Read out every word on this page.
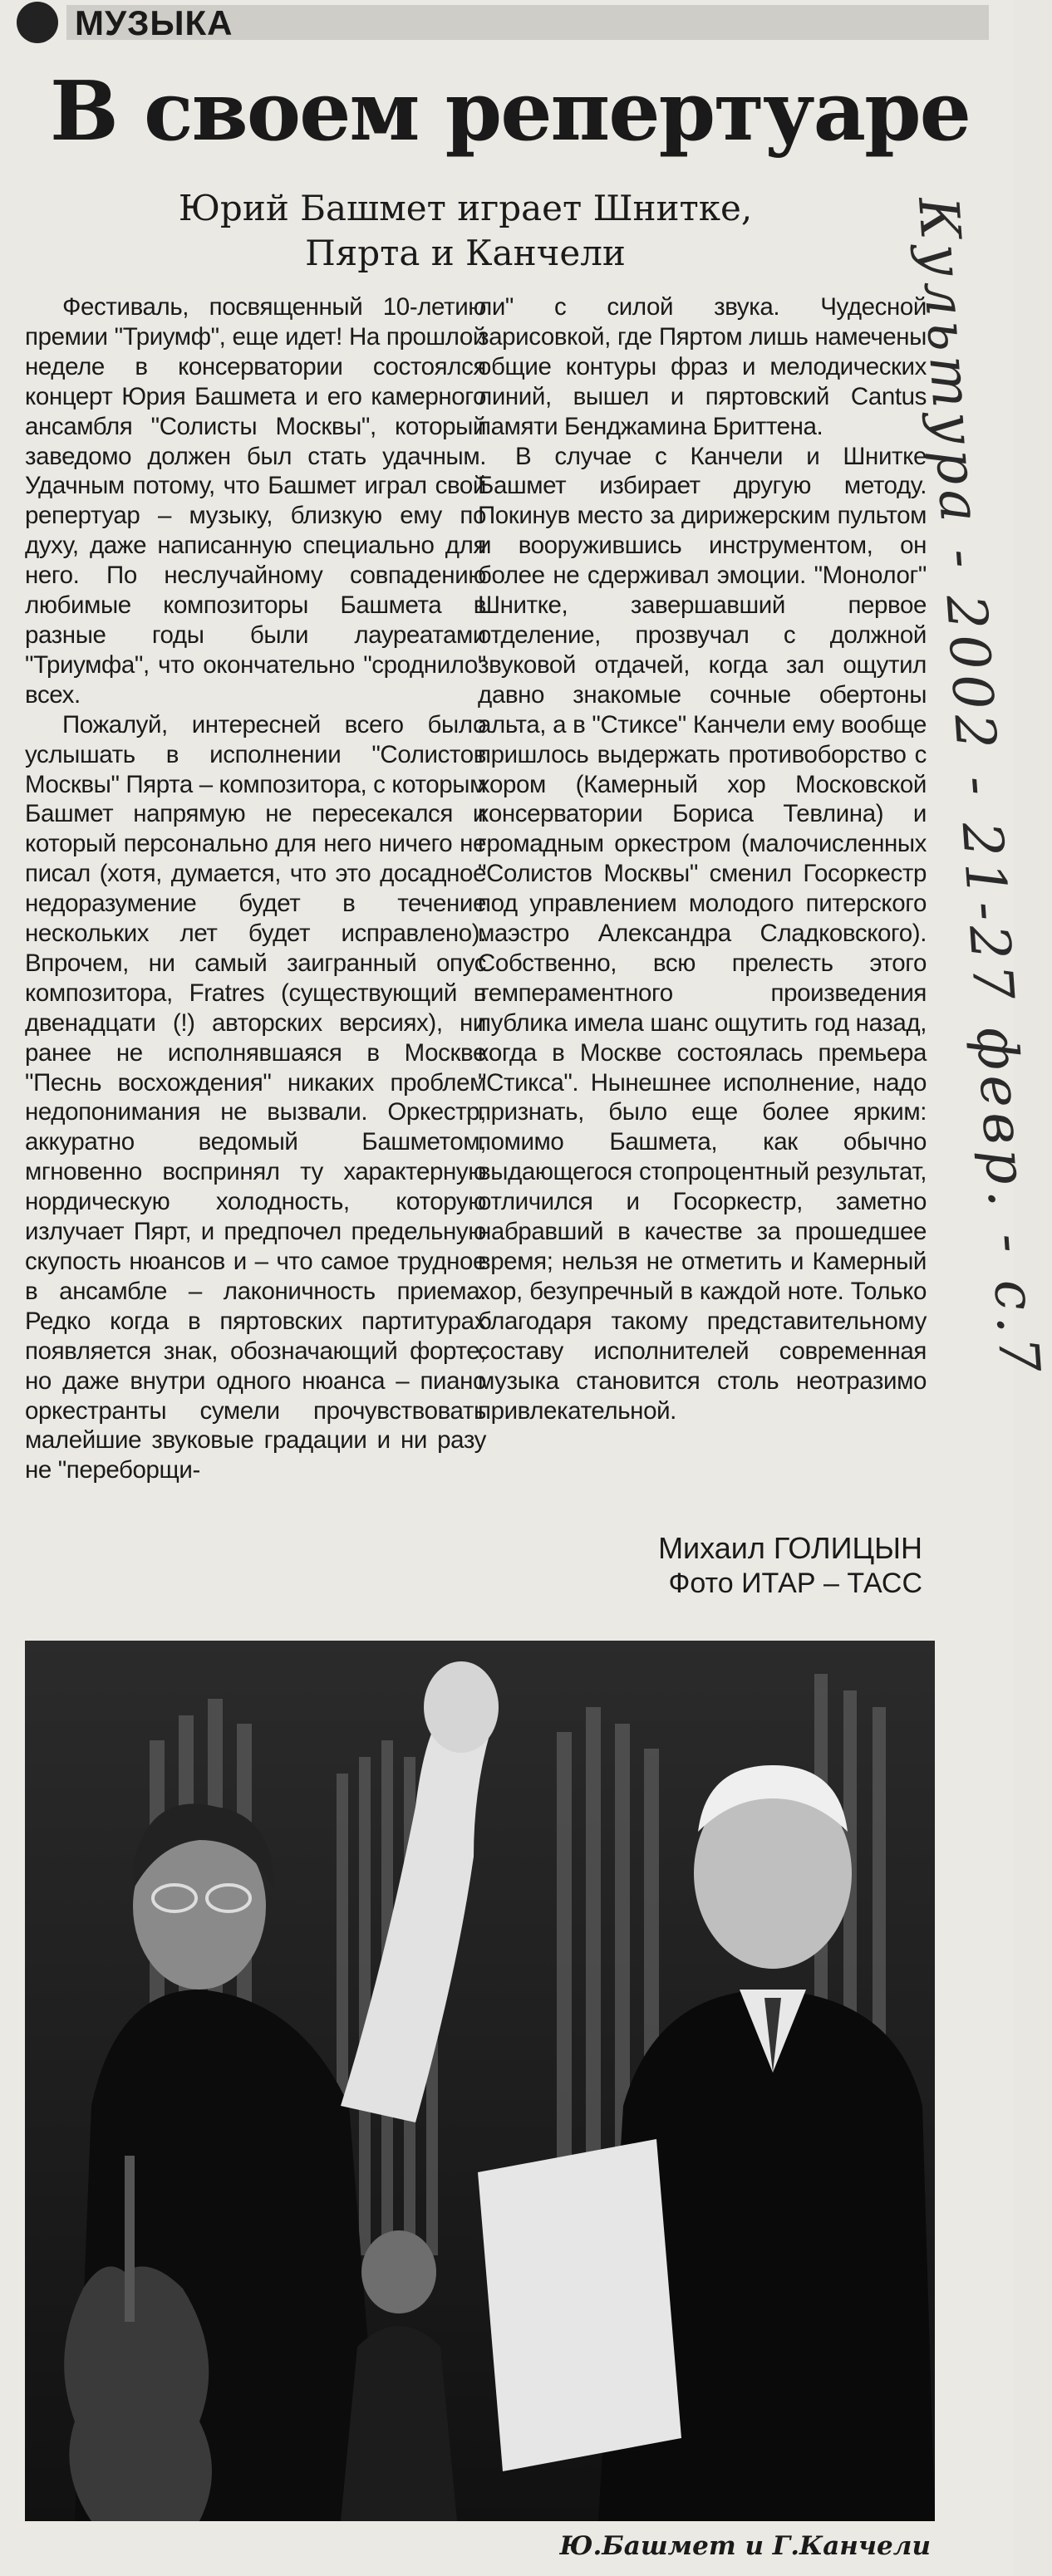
МУЗЫКА
В своем репертуаре
Юрий Башмет играет Шнитке,
Пярта и Канчели

Фестиваль, посвященный 10-летию премии "Триумф", еще идет! На прошлой неделе в консерватории состоялся концерт Юрия Башмета и его камерного ансамбля "Солисты Москвы", который заведомо должен был стать удачным. Удачным потому, что Башмет играл свой репертуар – музыку, близкую ему по духу, даже написанную специально для него. По неслучайному совпадению любимые композиторы Башмета в разные годы были лауреатами "Триумфа", что окончательно "сроднило" всех.

Пожалуй, интересней всего было услышать в исполнении "Солистов Москвы" Пярта – композитора, с которым Башмет напрямую не пересекался и который персонально для него ничего не писал (хотя, думается, что это досадное недоразумение будет в течение нескольких лет будет исправлено). Впрочем, ни самый заигранный опус композитора, Fratres (существующий в двенадцати (!) авторских версиях), ни ранее не исполнявшаяся в Москве "Песнь восхождения" никаких проблем недопонимания не вызвали. Оркестр, аккуратно ведомый Башметом, мгновенно воспринял ту характерную нордическую холодность, которую излучает Пярт, и предпочел предельную скупость нюансов и – что самое трудное в ансамбле – лаконичность приема. Редко когда в пяртовских партитурах появляется знак, обозначающий форте, но даже внутри одного нюанса – пиано оркестранты сумели прочувствовать малейшие звуковые градации и ни разу не "переборщи-

ли" с силой звука. Чудесной зарисовкой, где Пяртом лишь намечены общие контуры фраз и мелодических линий, вышел и пяртовский Cantus памяти Бенджамина Бриттена.

В случае с Канчели и Шнитке Башмет избирает другую методу. Покинув место за дирижерским пультом и вооружившись инструментом, он более не сдерживал эмоции. "Монолог" Шнитке, завершавший первое отделение, прозвучал с должной звуковой отдачей, когда зал ощутил давно знакомые сочные обертоны альта, а в "Стиксе" Канчели ему вообще пришлось выдержать противоборство с хором (Камерный хор Московской консерватории Бориса Тевлина) и громадным оркестром (малочисленных "Солистов Москвы" сменил Госоркестр под управлением молодого питерского маэстро Александра Сладковского). Собственно, всю прелесть этого темпераментного произведения публика имела шанс ощутить год назад, когда в Москве состоялась премьера "Стикса". Нынешнее исполнение, надо признать, было еще более ярким: помимо Башмета, как обычно выдающегося стопроцентный результат, отличился и Госоркестр, заметно набравший в качестве за прошедшее время; нельзя не отметить и Камерный хор, безупречный в каждой ноте. Только благодаря такому представительному составу исполнителей современная музыка становится столь неотразимо привлекательной.

Михаил ГОЛИЦЫН
Фото ИТАР – ТАСС
Ю.Башмет и Г.Канчели
Культура - 2002 - 21-27 февр. - с.7
